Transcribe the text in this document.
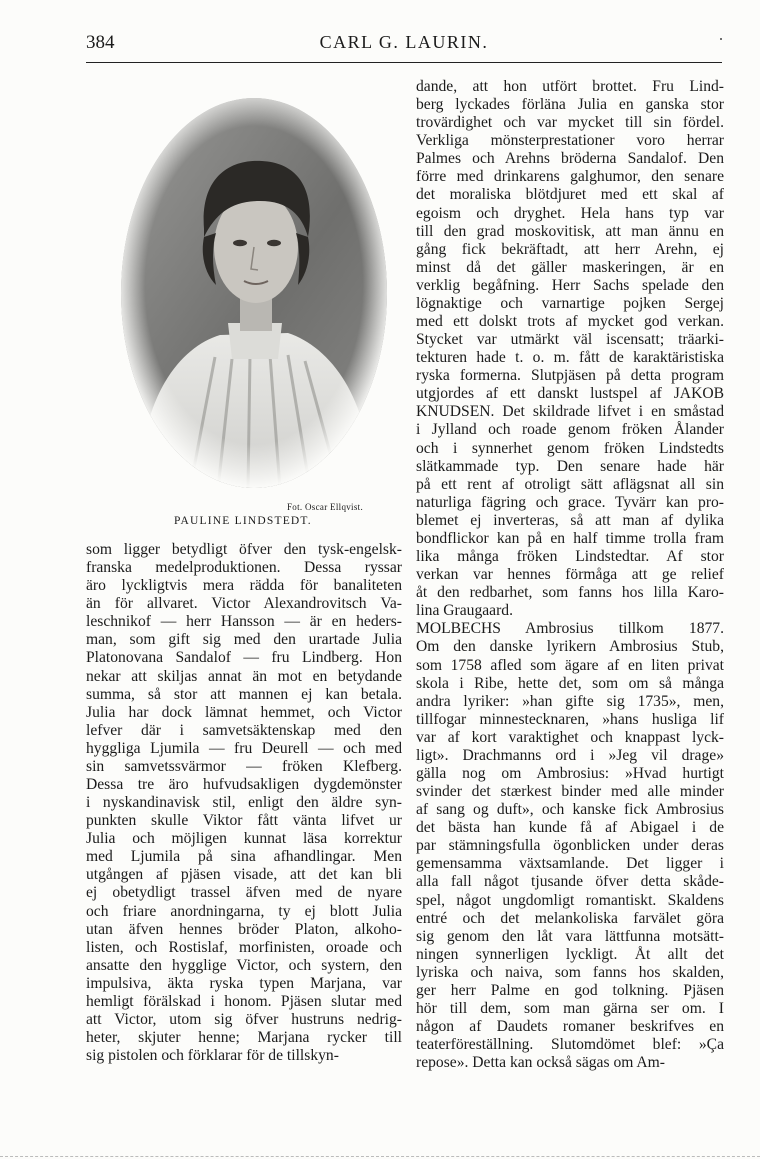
384	CARL G. LAURIN.
Fot. Oscar Ellqvist.
PAULINE LINDSTEDT.
som ligger betydligt öfver den tysk-engelsk-
franska medelproduktionen. Dessa ryssar
äro lyckligtvis mera rädda för banaliteten
än för allvaret. Victor Alexandrovitsch Va-
leschnikof — herr Hansson — är en heders-
man, som gift sig med den urartade Julia
Platonovana Sandalof — fru Lindberg. Hon
nekar att skiljas annat än mot en betydande
summa, så stor att mannen ej kan betala.
Julia har dock lämnat hemmet, och Victor
lefver där i samvetsäktenskap med den
hyggliga Ljumila — fru Deurell — och med
sin samvetssvärmor — fröken Klefberg.
Dessa tre äro hufvudsakligen dygdemönster
i nyskandinavisk stil, enligt den äldre syn-
punkten skulle Viktor fått vänta lifvet ur
Julia och möjligen kunnat läsa korrektur
med Ljumila på sina afhandlingar. Men
utgången af pjäsen visade, att det kan bli
ej obetydligt trassel äfven med de nyare
och friare anordningarna, ty ej blott Julia
utan äfven hennes bröder Platon, alkoho-
listen, och Rostislaf, morfinisten, oroade och
ansatte den hygglige Victor, och systern, den
impulsiva, äkta ryska typen Marjana, var
hemligt förälskad i honom. Pjäsen slutar med
att Victor, utom sig öfver hustruns nedrig-
heter, skjuter henne; Marjana rycker till
sig pistolen och förklarar för de tillskyn-
dande, att hon utfört brottet. Fru Lind-
berg lyckades förläna Julia en ganska stor
trovärdighet och var mycket till sin fördel.
Verkliga mönsterprestationer voro herrar
Palmes och Arehns bröderna Sandalof. Den
förre med drinkarens galghumor, den senare
det moraliska blötdjuret med ett skal af
egoism och dryghet. Hela hans typ var
till den grad moskovitisk, att man ännu en
gång fick bekräftadt, att herr Arehn, ej
minst då det gäller maskeringen, är en
verklig begåfning. Herr Sachs spelade den
lögnaktige och varnartige pojken Sergej
med ett dolskt trots af mycket god verkan.
Stycket var utmärkt väl iscensatt; träarki-
tekturen hade t. o. m. fått de karaktäristiska
ryska formerna. Slutpjäsen på detta program
utgjordes af ett danskt lustspel af JAKOB
KNUDSEN. Det skildrade lifvet i en småstad
i Jylland och roade genom fröken Ålander
och i synnerhet genom fröken Lindstedts
slätkammade typ. Den senare hade här
på ett rent af otroligt sätt aflägsnat all sin
naturliga fägring och grace. Tyvärr kan pro-
blemet ej inverteras, så att man af dylika
bondflickor kan på en half timme trolla fram
lika många fröken Lindstedtar. Af stor
verkan var hennes förmåga att ge relief
åt den redbarhet, som fanns hos lilla Karo-
lina Graugaard.
MOLBECHS Ambrosius tillkom 1877.
Om den danske lyrikern Ambrosius Stub,
som 1758 afled som ägare af en liten privat
skola i Ribe, hette det, som om så många
andra lyriker: »han gifte sig 1735», men,
tillfogar minnestecknaren, »hans husliga lif
var af kort varaktighet och knappast lyck-
ligt». Drachmanns ord i »Jeg vil drage»
gälla nog om Ambrosius: »Hvad hurtigt
svinder det stærkest binder med alle minder
af sang og duft», och kanske fick Ambrosius
det bästa han kunde få af Abigael i de
par stämningsfulla ögonblicken under deras
gemensamma växtsamlande. Det ligger i
alla fall något tjusande öfver detta skåde-
spel, något ungdomligt romantiskt. Skaldens
entré och det melankoliska farvälet göra
sig genom den låt vara lättfunna motsätt-
ningen synnerligen lyckligt. Åt allt det
lyriska och naiva, som fanns hos skalden,
ger herr Palme en god tolkning. Pjäsen
hör till dem, som man gärna ser om. I
någon af Daudets romaner beskrifves en
teaterföreställning. Slutomdömet blef: »Ça
repose». Detta kan också sägas om Am-
